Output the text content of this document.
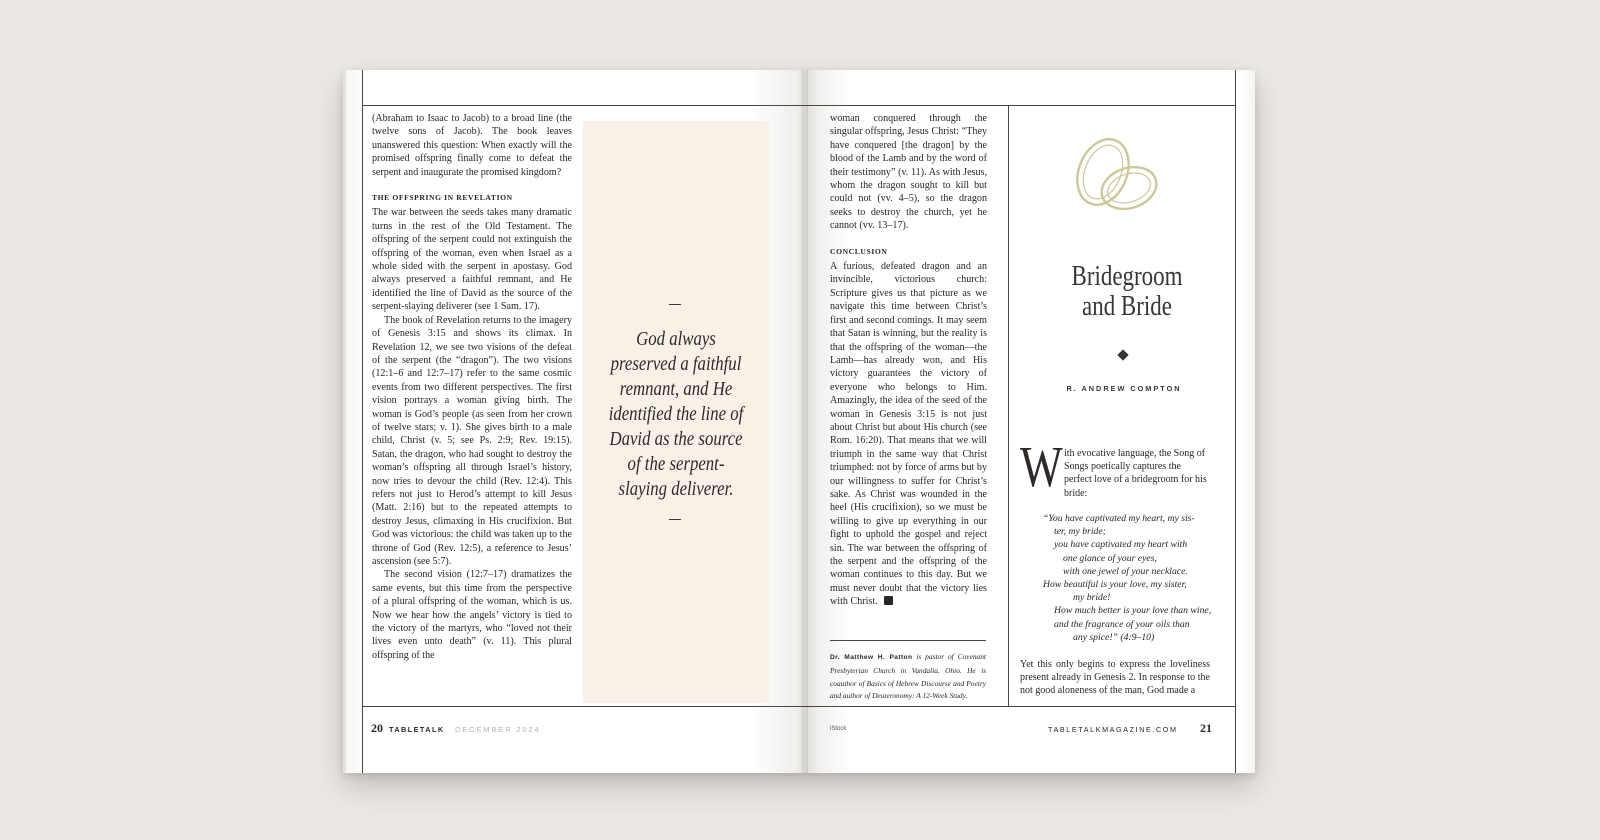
(Abraham to Isaac to Jacob) to a broad line (the twelve sons of Jacob). The book leaves unanswered this question: When exactly will the promised offspring finally come to defeat the serpent and inaugurate the promised kingdom?

THE OFFSPRING IN REVELATION

The war between the seeds takes many dramatic turns in the rest of the Old Testament. The offspring of the serpent could not extinguish the offspring of the woman, even when Israel as a whole sided with the serpent in apostasy. God always preserved a faithful remnant, and He identified the line of David as the source of the serpent-slaying deliverer (see 1 Sam. 17).

The book of Revelation returns to the imagery of Genesis 3:15 and shows its climax. In Revelation 12, we see two visions of the defeat of the serpent (the “dragon”). The two visions (12:1–6 and 12:7–17) refer to the same cosmic events from two different perspectives. The first vision portrays a woman giving birth. The woman is God’s people (as seen from her crown of twelve stars; v. 1). She gives birth to a male child, Christ (v. 5; see Ps. 2:9; Rev. 19:15). Satan, the dragon, who had sought to destroy the woman’s offspring all through Israel’s history, now tries to devour the child (Rev. 12:4). This refers not just to Herod’s attempt to kill Jesus (Matt. 2:16) but to the repeated attempts to destroy Jesus, climaxing in His crucifixion. But God was victorious: the child was taken up to the throne of God (Rev. 12:5), a reference to Jesus’ ascension (see 5:7).

The second vision (12:7–17) dramatizes the same events, but this time from the perspective of a plural offspring of the woman, which is us. Now we hear how the angels’ victory is tied to the victory of the martyrs, who “loved not their lives even unto death” (v. 11). This plural offspring of the

God always preserved a faithful remnant, and He identified the line of David as the source of the serpent-slaying deliverer.
20 TABLETALK DECEMBER 2024

woman conquered through the singular offspring, Jesus Christ: “They have conquered [the dragon] by the blood of the Lamb and by the word of their testimony” (v. 11). As with Jesus, whom the dragon sought to kill but could not (vv. 4–5), so the dragon seeks to destroy the church, yet he cannot (vv. 13–17).

CONCLUSION

A furious, defeated dragon and an invincible, victorious church: Scripture gives us that picture as we navigate this time between Christ’s first and second comings. It may seem that Satan is winning, but the reality is that the offspring of the woman—the Lamb—has already won, and His victory guarantees the victory of everyone who belongs to Him. Amazingly, the idea of the seed of the woman in Genesis 3:15 is not just about Christ but about His church (see Rom. 16:20). That means that we will triumph in the same way that Christ triumphed: not by force of arms but by our willingness to suffer for Christ’s sake. As Christ was wounded in the heel (His crucifixion), so we must be willing to give up everything in our fight to uphold the gospel and reject sin. The war between the offspring of the serpent and the offspring of the woman continues to this day. But we must never doubt that the victory lies with Christ.

Dr. Matthew H. Patton is pastor of Covenant Presbyterian Church in Vandalia, Ohio. He is coauthor of Basics of Hebrew Discourse and Poetry and author of Deuteronomy: A 12-Week Study.
iStock
Bridegroom
and Bride
R. ANDREW COMPTON
W ith evocative language, the Song of Songs poetically captures the perfect love of a bridegroom for his bride:
“You have captivated my heart, my sis-
ter, my bride;
you have captivated my heart with
one glance of your eyes,
with one jewel of your necklace.
How beautiful is your love, my sister,
my bride!
How much better is your love than wine,
and the fragrance of your oils than
any spice!” (4:9–10)
Yet this only begins to express the loveliness present already in Genesis 2. In response to the not good aloneness of the man, God made a
TABLETALKMAGAZINE.COM 21
